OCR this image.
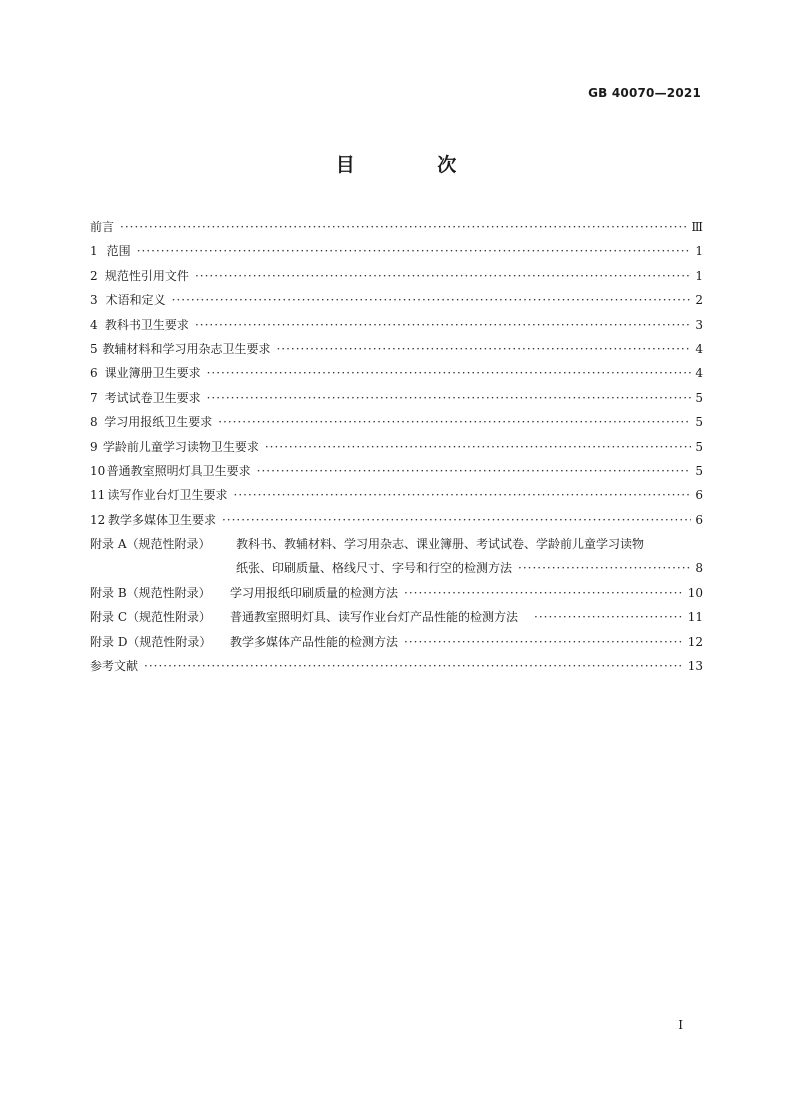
GB 40070—2021
目 次
前言 ·····	Ⅲ
1 范围 ·····	1
2 规范性引用文件 ·····	1
3 术语和定义 ·····	2
4 教科书卫生要求 ·····	3
5 教辅材料和学习用杂志卫生要求 ·····	4
6 课业簿册卫生要求 ·····	4
7 考试试卷卫生要求 ·····	5
8 学习用报纸卫生要求 ·····	5
9 学龄前儿童学习读物卫生要求 ·····	5
10 普通教室照明灯具卫生要求 ·····	5
11 读写作业台灯卫生要求 ·····	6
12 教学多媒体卫生要求 ·····	6
附录 A（规范性附录）	教科书、教辅材料、学习用杂志、课业簿册、考试试卷、学龄前儿童学习读物
纸张、印刷质量、格线尺寸、字号和行空的检测方法 ·····	8
附录 B（规范性附录）	学习用报纸印刷质量的检测方法 ·····	10
附录 C（规范性附录）	普通教室照明灯具、读写作业台灯产品性能的检测方法 ·····	11
附录 D（规范性附录）	教学多媒体产品性能的检测方法 ·····	12
参考文献 ·····	13
Ⅰ
